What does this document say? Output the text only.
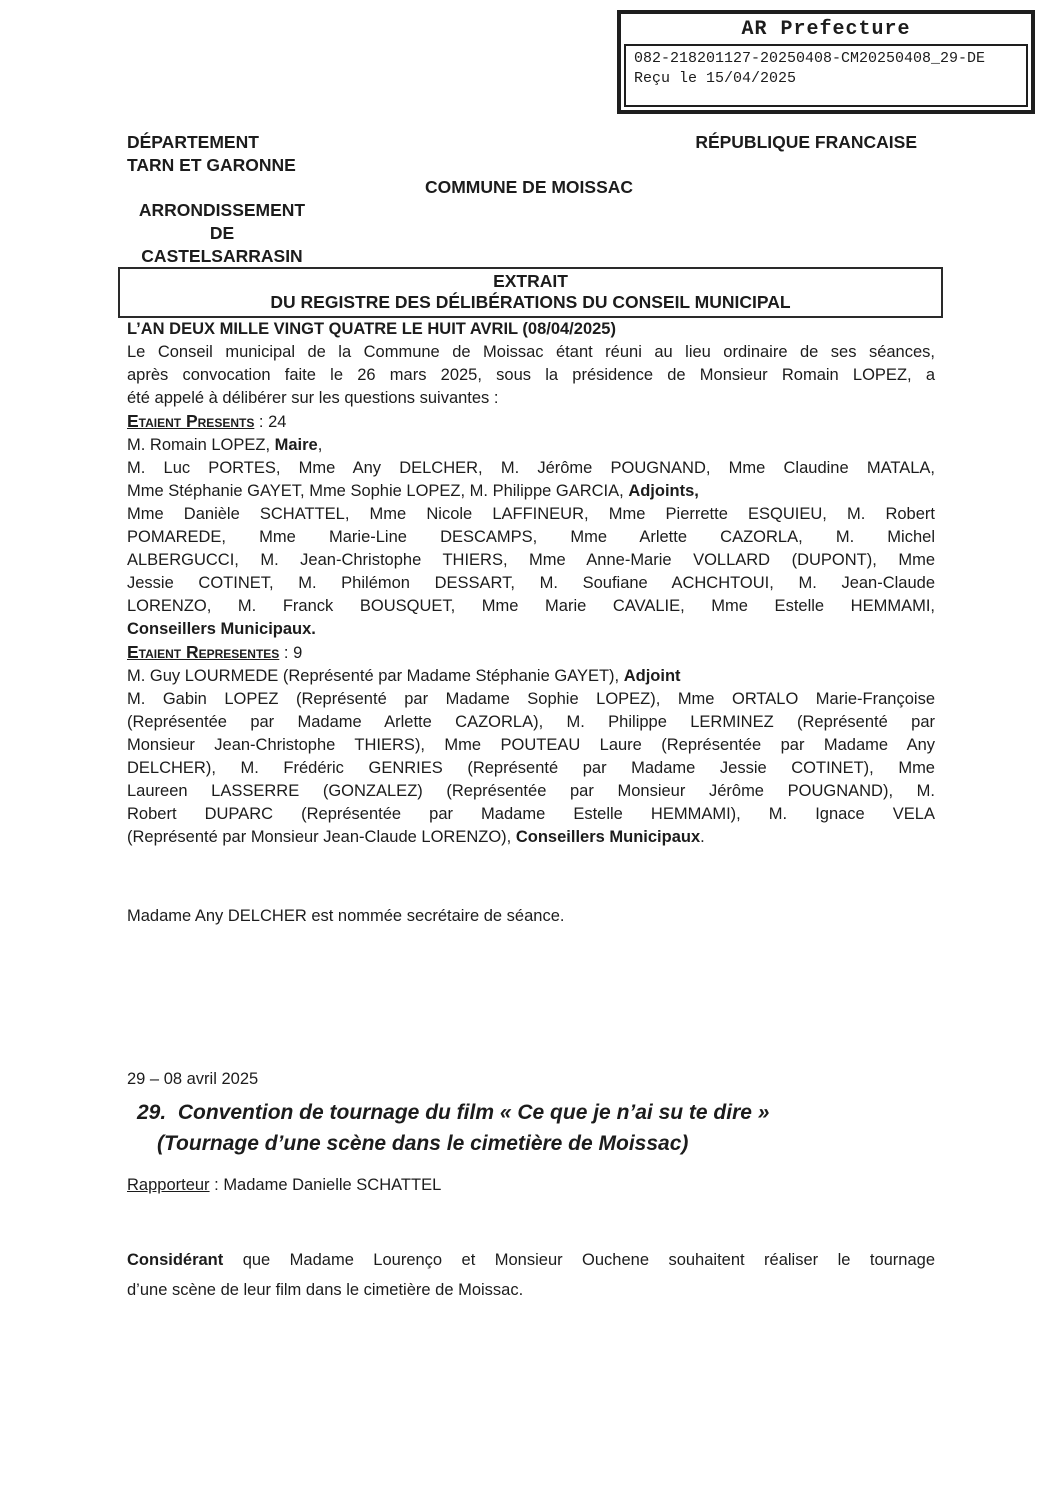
AR Prefecture
082-218201127-20250408-CM20250408_29-DE
Reçu le 15/04/2025
DÉPARTEMENT
TARN ET GARONNE
RÉPUBLIQUE FRANCAISE
COMMUNE DE MOISSAC
ARRONDISSEMENT
DE
CASTELSARRASIN
EXTRAIT
DU REGISTRE DES DÉLIBÉRATIONS DU CONSEIL MUNICIPAL
L’AN DEUX MILLE VINGT QUATRE LE HUIT AVRIL (08/04/2025)
Le Conseil municipal de la Commune de Moissac étant réuni au lieu ordinaire de ses séances,
après convocation faite le 26 mars 2025, sous la présidence de Monsieur Romain LOPEZ, a
été appelé à délibérer sur les questions suivantes :
Etaient Presents : 24
M. Romain LOPEZ, Maire,
M. Luc PORTES, Mme Any DELCHER, M. Jérôme POUGNAND, Mme Claudine MATALA,
Mme Stéphanie GAYET, Mme Sophie LOPEZ, M. Philippe GARCIA, Adjoints,
Mme Danièle SCHATTEL, Mme Nicole LAFFINEUR, Mme Pierrette ESQUIEU, M. Robert
POMAREDE, Mme Marie-Line DESCAMPS, Mme Arlette CAZORLA, M. Michel
ALBERGUCCI, M. Jean-Christophe THIERS, Mme Anne-Marie VOLLARD (DUPONT), Mme
Jessie COTINET, M. Philémon DESSART, M. Soufiane ACHCHTOUI, M. Jean-Claude
LORENZO, M. Franck BOUSQUET, Mme Marie CAVALIE, Mme Estelle HEMMAMI,
Conseillers Municipaux.
Etaient Representes : 9
M. Guy LOURMEDE (Représenté par Madame Stéphanie GAYET), Adjoint
M. Gabin LOPEZ (Représenté par Madame Sophie LOPEZ), Mme ORTALO Marie-Françoise
(Représentée par Madame Arlette CAZORLA), M. Philippe LERMINEZ (Représenté par
Monsieur Jean-Christophe THIERS), Mme POUTEAU Laure (Représentée par Madame Any
DELCHER), M. Frédéric GENRIES (Représenté par Madame Jessie COTINET), Mme
Laureen LASSERRE (GONZALEZ) (Représentée par Monsieur Jérôme POUGNAND), M.
Robert DUPARC (Représentée par Madame Estelle HEMMAMI), M. Ignace VELA
(Représenté par Monsieur Jean-Claude LORENZO), Conseillers Municipaux.
Madame Any DELCHER est nommée secrétaire de séance.
29 – 08 avril 2025
29.  Convention de tournage du film « Ce que je n’ai su te dire »
(Tournage d’une scène dans le cimetière de Moissac)
Rapporteur : Madame Danielle SCHATTEL
Considérant que Madame Lourenço et Monsieur Ouchene souhaitent réaliser le tournage
d’une scène de leur film dans le cimetière de Moissac.
